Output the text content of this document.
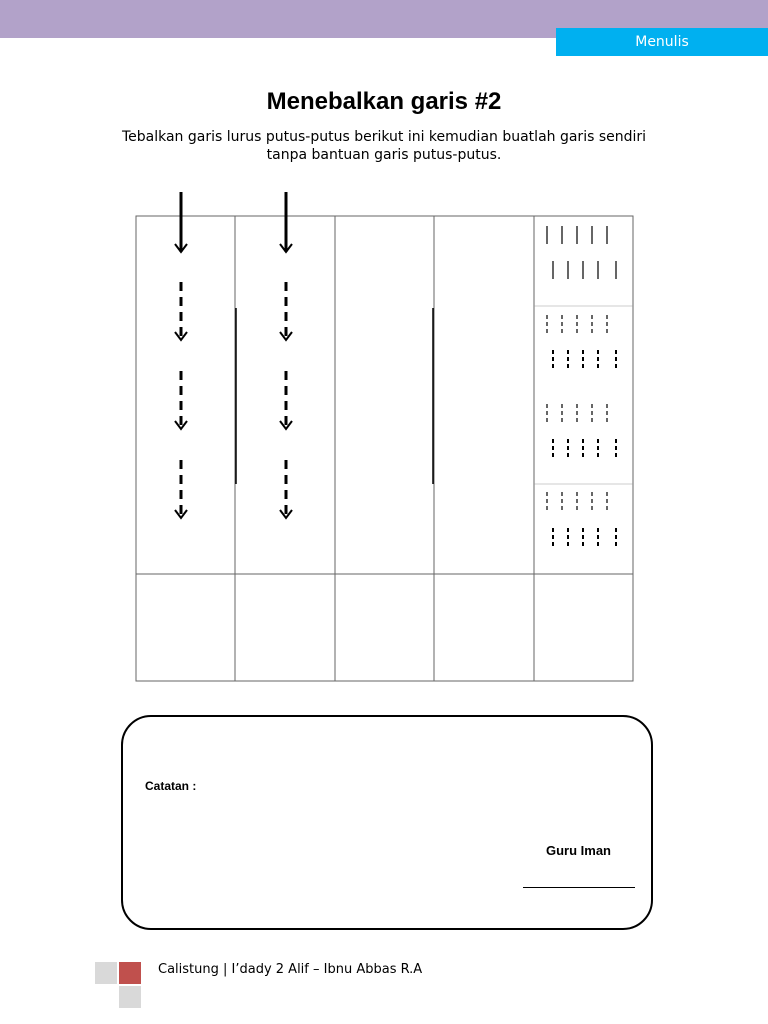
Menulis
Menebalkan garis #2
Tebalkan garis lurus putus-putus berikut ini kemudian buatlah garis sendiri tanpa bantuan garis putus-putus.
Catatan :
Guru Iman
Calistung | I’dady 2 Alif – Ibnu Abbas R.A
